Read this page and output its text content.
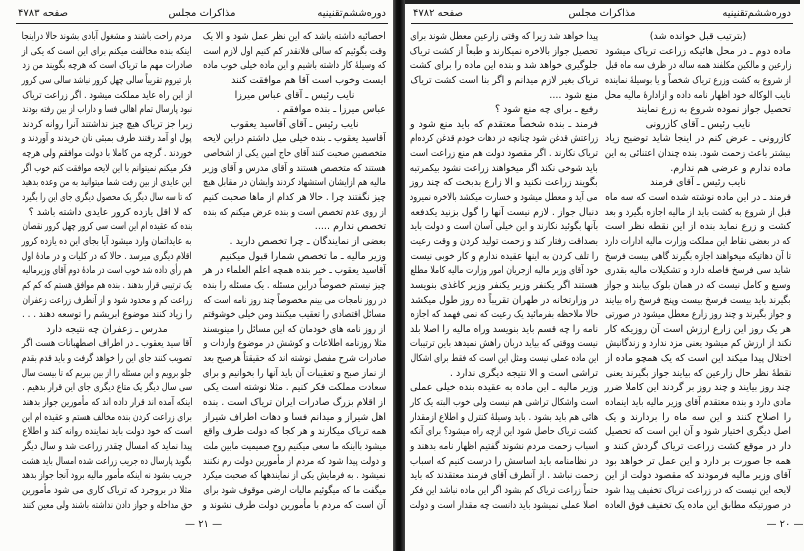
دوره‌ششم‌تقنینیه
مذاکرات مجلس
صفحه ۴۷۸۳
احصائیه داشته باشد که این نظر عمل شود و الا یک
وقت بگوئیم که سالی فلانقدر کم کنیم اول لازم است
که وسیلهٔ کار داشته باشیم و این ماده خیلی خوب ماده
ایست وخوب است آقا هم موافقت کنند
نایب رئیس ـ آقای عباس میرزا
عباس میرزا ـ بنده موافقم .
نایب رئیس ـ آقای آقاسید یعقوب
آقاسید یعقوب ـ بنده خیلی میل داشتم دراین لایحه
متخصصین صحبت کنند آقای حاج امین یکی از اشخاصی
هستند که متخصص هستند و آقای مدرس و آقای وزیر
مالیه هم ازایشان استشهاد کردند وایشان در مقابل هیچ
چیز نگفتند چرا . حالا هر کدام از ماها صحبت کنیم
از روی عدم تخصص است و بنده عرض میکنم که بنده
تخصص ندارم .....
بعضی از نمایندگان ـ چرا تخصص دارید .
وزیر مالیه ـ ما تخصص شمارا قبول میکنیم
آقاسید یعقوب ـ خیر بنده همچه اعلم العلماء در هر
چیز نیستم خصوصاً دراین مسئله . یک مسئله را بنده
در روز نامجات می بینم مخصوصاً چند روز نامه است که
مسائل اقتصادی را تعقیب میکنند ومن خیلی خوشوقتم
از روز نامه های خودمان که این مسائل را مینویسند
مثلا روزنامه اطلاعات و کوشش در موضوع واردات و
صادرات شرح مفصل نوشته اند که حقیقتاً هرصبح بعد
از نماز صبح و تعقیبات آن باید آنها را بخوانیم و برای
سعادت مملکت فکر کنیم . مثلا نوشته است یکی
از اقلام بزرگ صادرات ایران تریاک است . بنده
اهل شیراز و میدانم فسا و دهات اطراف شیراز
همه تریاک میکارند و هر کجا که دولت طرف واقع
میشود بااینکه ما سعی میکنیم روح صمیمیت مابین ملت
و دولت پیدا شود که مردم از مأمورین دولت رم نکنند
نمیشود . به فرمایش یکی از نمایندهها که صحبت میکرد
میگفت ما که میگوئیم مالیات ارضی موقوف شود برای
آن است که مردم با مأمورین دولت طرف نشوند و
مردم راحت باشند و مشغول آبادی بشوند حالا دراینجا
اینکه بنده مخالفت میکنم برای این است که یکی از
صادرات مهم ما تریاک است که هرچه بگویند من زد
بار تیروم تقریباً سالی چهل کرور نباشد سالی سی کرور
از این راه عاید مملکت میشود . اگر زراعت تریاک
نبود پارسال تمام اهالی فسا و داراب از بین رفته بودند
زیرا جز تریاک هیچ چیز نداشتند آنرا روانه کردند
پول او آمد رفتند طرف بمبئی نان خریدند و آوردند و
خوردند . گرچه من کاملا با دولت موافقم ولی هرچه
فکر میکنم نمیتوانم با این لایحه موافقت کنم خوب اگر
این عایدی از بین رفت شما میتوانید به من وعده بدهید
که تا سه سال دیگر یک محصول دیگری جای این را بگیرد
که لا اقل یازده کرور عایدی داشته باشد ؟
بنده که عقیده ام این است سی کرور چهل کرور نقصان
به عایداتمان وارد میشود آیا بجای این ده یازده کرور
اقلام دیگری میرسد . حالا که در کلیات و در مادهٔ اول
هم رأی داده شد خوب است در مادهٔ دوم آقای وزیرمالیه
یک ترتیبی قرار بدهند . بنده هم موافق هستم که کم کم
زراعت کم و محدود شود و از آنطرف زراعت زعفران
را زیاد کنند موضوع ابریشم را توسعه دهند . . .
مدرس ـ زعفران چه نتیجه دارد
آقا سید یعقوب ـ در اطراف اصطهبانات هست اگر
تصویب کنند جای این را خواهد گرفت و باید قدم بقدم
جلو برویم و این مسئله را از بین ببریم که تا بیست سال
سی سال دیگر یک متاع دیگری جای این قرار بدهیم .
اینکه آمده اند قرار داده اند که مأمورین جواز بدهند
برای زراعت کردن بنده مخالف هستم و عقیده ام این
است که خود دولت باید نماینده روانه کند و اطلاع
پیدا نماید که امسال چقدر زراعت شد و سال دیگر
بگوید پارسال ده جریب زراعت شده امسال باید هشت
جریب بشود نه اینکه مأمور مالیه برود آنجا جواز بدهد
مثلا در بروجرد که تریاک کاری می شود مأمورین
حق مداخله و جواز دادن نداشته باشند ولی معین کنند
— ۲۱ —
دوره‌ششم‌تقنینیه
مذاکرات مجلس
صفحه ۴۷۸۲
(بترتیب قبل خوانده شد)
ماده دوم ـ در محل هائیکه زراعت تریاک میشود
زارعین و مالکین مکلفند همه ساله در ظرف سه ماه قبل
از شروع به کشت وزرع تریاک شخصاً و یا بوسیلهٔ نماینده
نایب الوکاله خود اظهار نامه داده و ازادارهٔ مالیه محل
تحصیل جواز نموده شروع به زرع نمایند
نایب رئیس ـ آقای کازرونی
کازرونی ـ عرض کنم در اینجا شاید توضیح زیاد
بیشتر باعث زحمت شود. بنده چندان اعتنائی به این
ماده ندارم و عرضی هم ندارم.
نایب رئیس ـ آقای فرمند
فرمند ـ در این ماده نوشته شده است که سه ماه
قبل از شروع به کشت باید از مالیه اجازه بگیرد و بعد
کشت و زرع نماید بنده از این نقطه نظر است
که در بعضی نقاط این مملکت وزارت مالیه ادارات دارد
تا آن دهاتیکه میخواهند اجازه بگیرند گاهی بیست فرسخ
شاید سی فرسخ فاصله دارد و تشکیلات مالیه بقدری
وسیع و کامل نیست که در همان بلوک بیابند و جواز
بگیرند باید بیست فرسخ بیست وپنج فرسخ راه بیایند
و جواز بگیرند و چند روز زارع معطل میشود در صورتی
هر یک روز این زارع ارزش است آن روزیکه کار
نکند از ارزش کم میشود یعنی مزد ندارد و زندگانیش
اختلال پیدا میکند این است که یک همچو ماده از
نقطهٔ نظر حال زارعین که بیایند جواز بگیرند یعنی
چند روز بیایند و چند روز بر گردند این کاملا ضرر
مادی دارد و بنده معتقدم آقای وزیر مالیه باید اینماده
را اصلاح کنند و این سه ماه را بردارند و یک
اصل دیگری اختیار شود و آن این است که تحصیل
دار در موقع کشت زراعت تریاک گردش کنند و
همه جا صورت بر دارد و این عمل تر خواهد بود
آقای وزیر مالیه فرمودند که مقصود دولت از این
لایحه این نیست که در زراعت تریاک تخفیف پیدا شود
در صورتیکه مطابق این ماده یک تخفیف فوق العاده
پیدا خواهد شد زیرا که وقتی زارعین معطل شوند برای
تحصیل جواز بالاخره نمیکارند و طبعاً از کشت تریاک
جلوگیری خواهد شد و بنده این ماده را برای کشت
تریاک بغیر لازم میدانم و اگر بنا است کشت تریاک
منع شود ....
رفیع ـ برای چه منع شود ؟
فرمند ـ بنده شخصاً معتقدم که باید منع شود و
زراعتش قدغن شود چنانچه در دهات خودم قدغن کرده‌ام
تریاک نکارند . اگر مقصود دولت هم منع زراعت است
باید شوخی نکند اگر میخواهند زراعت نشود بیکمرتبه
بگویند زراعت نکنید و الا زارع بدبخت که چند روز
می آید و معطل میشود و خسارت میکشد بالاخره نمیرود
دنبال جواز . لازم نیست آنها را گول بزنید یکدفعه
بآنها بگوئید نکارند و این خیلی آسان است و دولت باید
بصداقت رفتار کند و زحمت تولید کردن و وقت رعیت
را تلف کردن به اینها عقیده ندارم و کار خوبی نیست
خود آقای وزیر مالیه ازجریان امور وزارت مالیه کاملا مطلع
هستند اگر یکنفر وزیر یکنفر وزیر کاغذی بنویسد
در وزارتخانه در طهران تقریباً ده روز طول میکشد
حالا ملاحظه بفرمائید یک رعیت که نمی فهمد که اجازه
نامه را چه قسم باید بنویسد وراه مالیه را اصلا بلد
نیست ووقتی که بیاید دربان راهش نمیدهد باین ترتیبات
این ماده عملی نیست ومثل این است که فقط برای اشکال
تراشی است و الا نتیجه دیگری ندارد .
وزیر مالیه ـ این ماده به عقیده بنده خیلی عملی
است واشکال تراشی هم نیست ولی خوب البته یک کار
هائی هم باید بشود . باید وسیلهٔ کنترل و اطلاع ازمقدار
کشت تریاک حاصل شود این ازچه راه میشود؟ برای آنکه
اسباب زحمت مردم نشوند گفتیم اظهار نامه بدهند و
در نظامنامه باید اساسش را درست کنیم که اسباب
زحمت نباشد . از آنطرف آقای فرمند معتقدند که باید
حتماً زراعت تریاک کم بشود اگر این ماده نباشد این فکر
اصلا عملی نمیشود باید دانست چه مقدار است و دولت
— ۲۰ —
